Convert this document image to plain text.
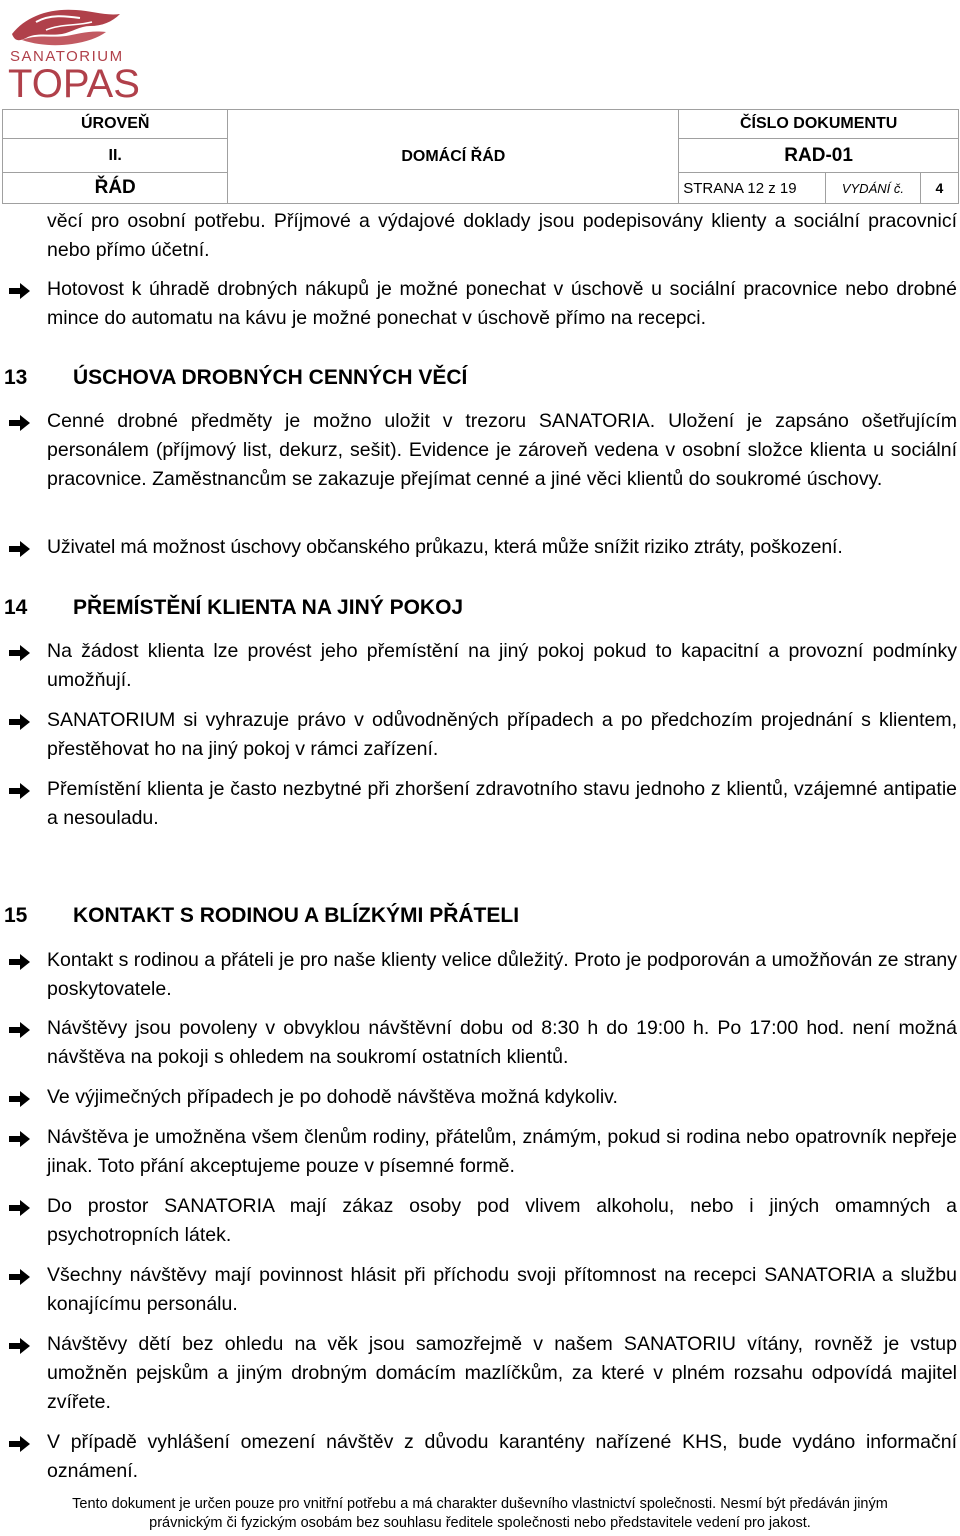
SANATORIUM
TOPAS
ÚROVEŇ	DOMÁCÍ ŘÁD	ČÍSLO DOKUMENTU		
II.		RAD-01		
ŘÁD		STRANA 12 z 19	VYDÁNÍ č.	4
věcí pro osobní potřebu. Příjmové a výdajové doklady jsou podepisovány klienty a sociální pracovnicí nebo přímo účetní.
Hotovost k úhradě drobných nákupů je možné ponechat v úschově u sociální pracovnice nebo drobné mince do automatu na kávu je možné ponechat v úschově přímo na recepci.
13 ÚSCHOVA DROBNÝCH CENNÝCH VĚCÍ
Cenné drobné předměty je možno uložit v trezoru SANATORIA. Uložení je zapsáno ošetřujícím personálem (příjmový list, dekurz, sešit). Evidence je zároveň vedena v osobní složce klienta u sociální pracovnice. Zaměstnancům se zakazuje přejímat cenné a jiné věci klientů do soukromé úschovy.
Uživatel má možnost úschovy občanského průkazu, která může snížit riziko ztráty, poškození.
14 PŘEMÍSTĚNÍ KLIENTA NA JINÝ POKOJ
Na žádost klienta lze provést jeho přemístění na jiný pokoj pokud to kapacitní a provozní podmínky umožňují.
SANATORIUM si vyhrazuje právo v odůvodněných případech a po předchozím projednání s klientem, přestěhovat ho na jiný pokoj v rámci zařízení.
Přemístění klienta je často nezbytné při zhoršení zdravotního stavu jednoho z klientů, vzájemné antipatie a nesouladu.
15 KONTAKT S RODINOU A BLÍZKÝMI PŘÁTELI
Kontakt s rodinou a přáteli je pro naše klienty velice důležitý. Proto je podporován a umožňován ze strany poskytovatele.
Návštěvy jsou povoleny v obvyklou návštěvní dobu od 8:30 h do 19:00 h. Po 17:00 hod. není možná návštěva na pokoji s ohledem na soukromí ostatních klientů.
Ve výjimečných případech je po dohodě návštěva možná kdykoliv.
Návštěva je umožněna všem členům rodiny, přátelům, známým, pokud si rodina nebo opatrovník nepřeje jinak. Toto přání akceptujeme pouze v písemné formě.
Do prostor SANATORIA mají zákaz osoby pod vlivem alkoholu, nebo i jiných omamných a psychotropních látek.
Všechny návštěvy mají povinnost hlásit při příchodu svoji přítomnost na recepci SANATORIA a službu konajícímu personálu.
Návštěvy dětí bez ohledu na věk jsou samozřejmě v našem SANATORIU vítány, rovněž je vstup umožněn pejskům a jiným drobným domácím mazlíčkům, za které v plném rozsahu odpovídá majitel zvířete.
V případě vyhlášení omezení návštěv z důvodu karantény nařízené KHS, bude vydáno informační oznámení.
Tento dokument je určen pouze pro vnitřní potřebu a má charakter duševního vlastnictví společnosti. Nesmí být předáván jiným
právnickým či fyzickým osobám bez souhlasu ředitele společnosti nebo představitele vedení pro jakost.
